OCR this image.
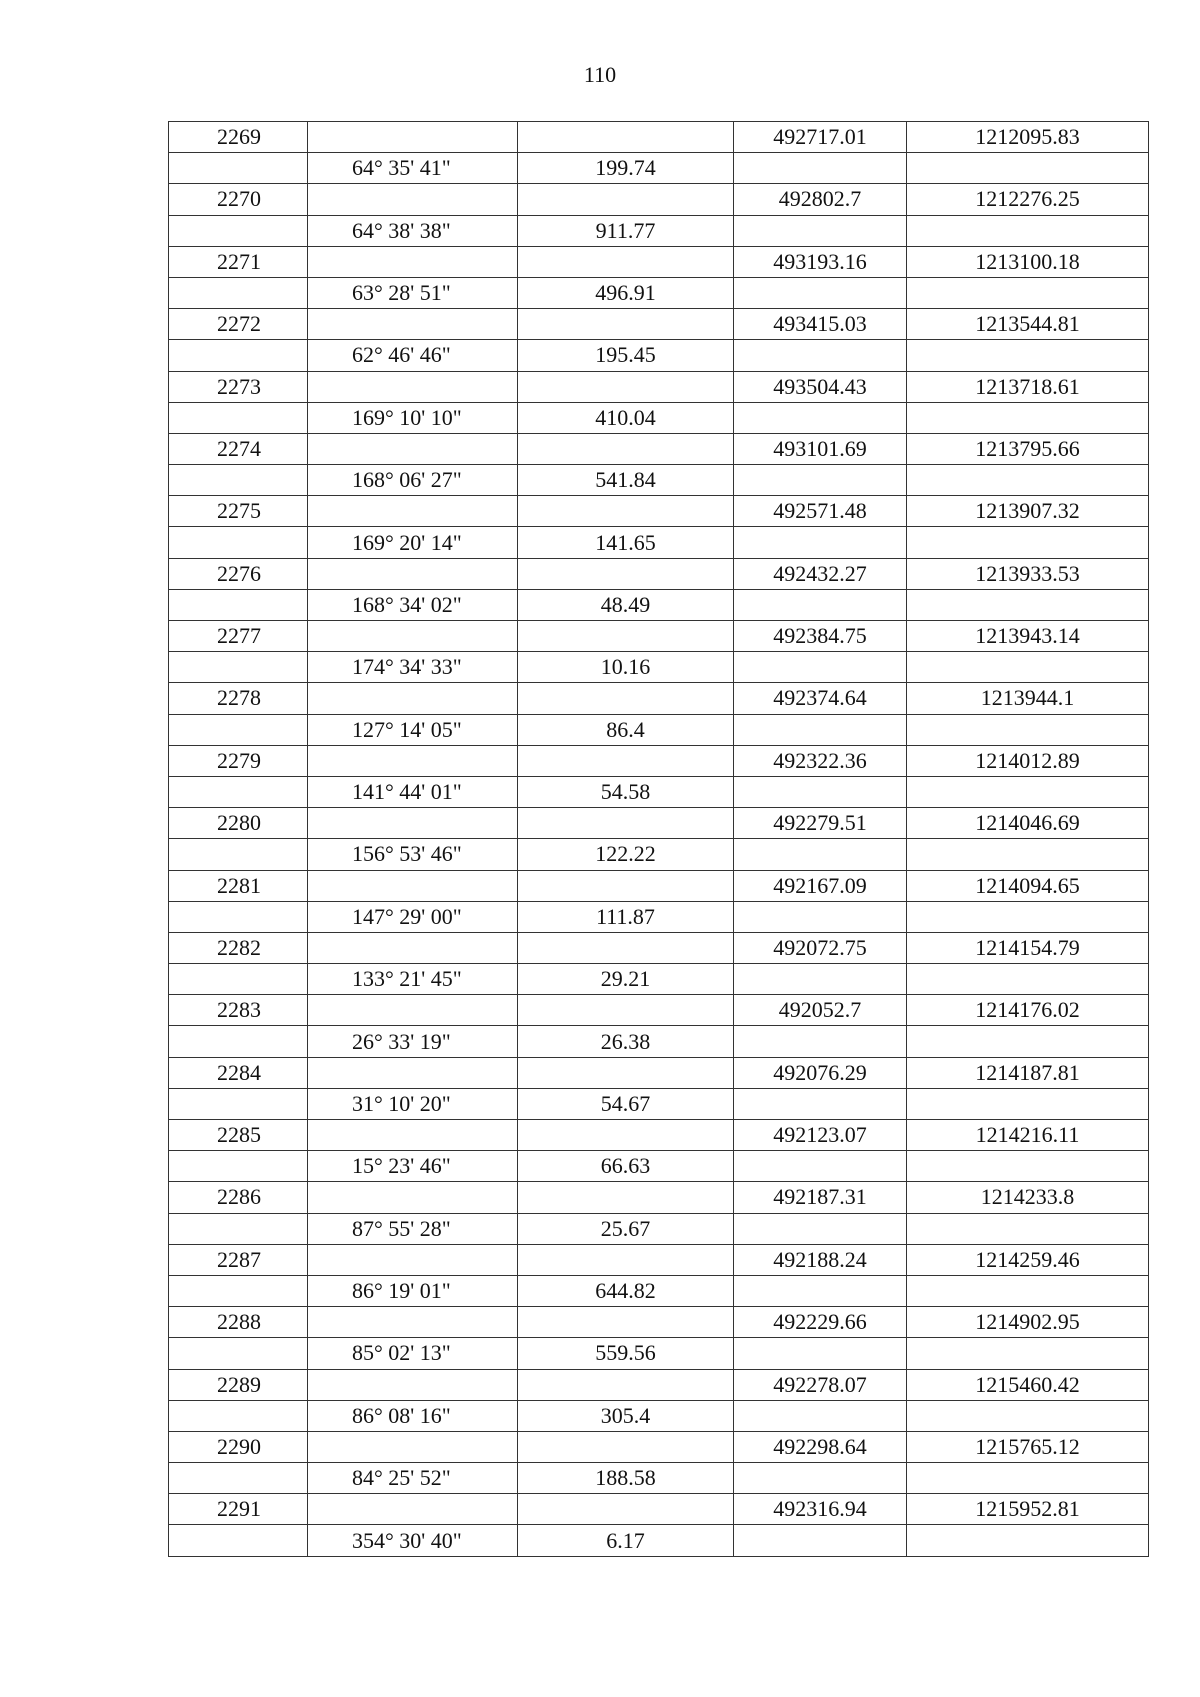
110
2269			492717.01	1212095.83
	64° 35' 41"	199.74		
2270			492802.7	1212276.25
	64° 38' 38"	911.77		
2271			493193.16	1213100.18
	63° 28' 51"	496.91		
2272			493415.03	1213544.81
	62° 46' 46"	195.45		
2273			493504.43	1213718.61
	169° 10' 10"	410.04		
2274			493101.69	1213795.66
	168° 06' 27"	541.84		
2275			492571.48	1213907.32
	169° 20' 14"	141.65		
2276			492432.27	1213933.53
	168° 34' 02"	48.49		
2277			492384.75	1213943.14
	174° 34' 33"	10.16		
2278			492374.64	1213944.1
	127° 14' 05"	86.4		
2279			492322.36	1214012.89
	141° 44' 01"	54.58		
2280			492279.51	1214046.69
	156° 53' 46"	122.22		
2281			492167.09	1214094.65
	147° 29' 00"	111.87		
2282			492072.75	1214154.79
	133° 21' 45"	29.21		
2283			492052.7	1214176.02
	26° 33' 19"	26.38		
2284			492076.29	1214187.81
	31° 10' 20"	54.67		
2285			492123.07	1214216.11
	15° 23' 46"	66.63		
2286			492187.31	1214233.8
	87° 55' 28"	25.67		
2287			492188.24	1214259.46
	86° 19' 01"	644.82		
2288			492229.66	1214902.95
	85° 02' 13"	559.56		
2289			492278.07	1215460.42
	86° 08' 16"	305.4		
2290			492298.64	1215765.12
	84° 25' 52"	188.58		
2291			492316.94	1215952.81
	354° 30' 40"	6.17		
